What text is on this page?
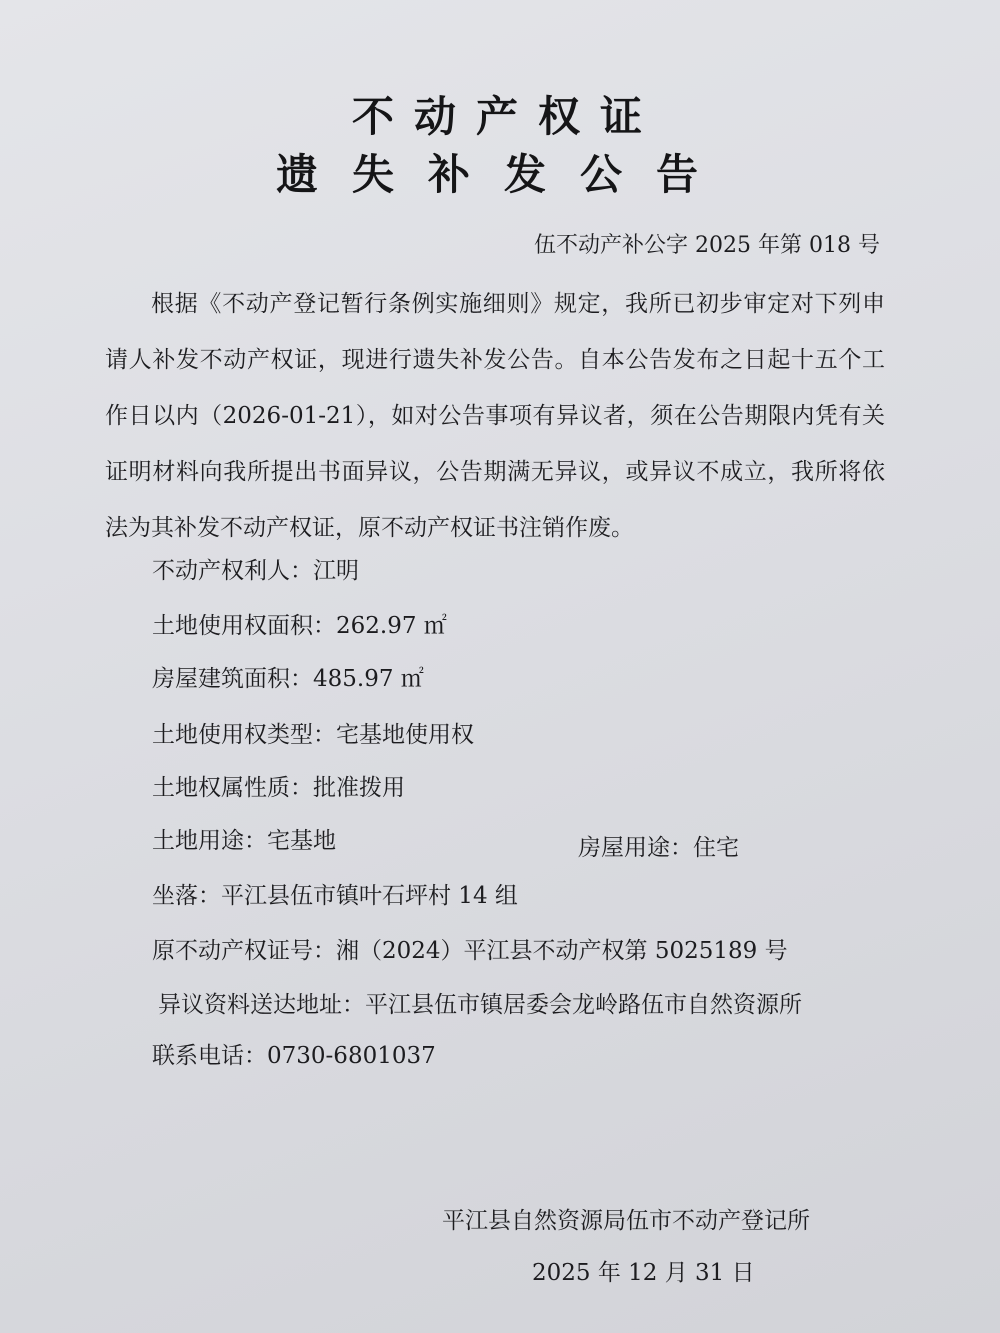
不动产权证
遗失补发公告
伍不动产补公字 2025 年第 018 号

根据《不动产登记暂行条例实施细则》规定，我所已初步审定对下列申请人补发不动产权证，现进行遗失补发公告。自本公告发布之日起十五个工作日以内（2026-01-21），如对公告事项有异议者，须在公告期限内凭有关证明材料向我所提出书面异议，公告期满无异议，或异议不成立，我所将依法为其补发不动产权证，原不动产权证书注销作废。

不动产权利人：江明
土地使用权面积：262.97 ㎡
房屋建筑面积：485.97 ㎡
土地使用权类型：宅基地使用权
土地权属性质：批准拨用
土地用途：宅基地	房屋用途：住宅
坐落：平江县伍市镇叶石坪村 14 组
原不动产权证号：湘（2024）平江县不动产权第 5025189 号
异议资料送达地址：平江县伍市镇居委会龙岭路伍市自然资源所
联系电话：0730-6801037
平江县自然资源局伍市不动产登记所
2025 年 12 月 31 日
